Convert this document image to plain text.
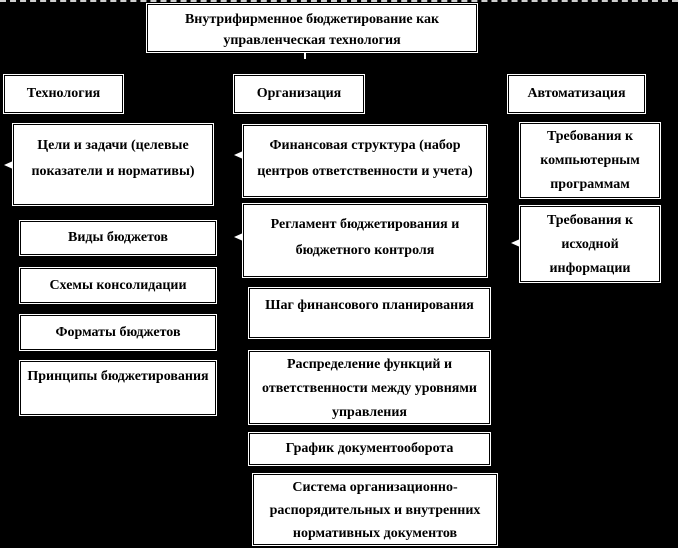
Внутрифирменное бюджетирование как управленческая технология
Технология	Организация	Автоматизация
Цели и задачи (целевые показатели и нормативы)
Виды бюджетов
Схемы консолидации
Форматы бюджетов
Принципы бюджетирования
Финансовая структура (набор центров ответственности и учета)
Регламент бюджетирования и бюджетного контроля
Шаг финансового планирования
Распределение функций и ответственности между уровнями управления
График документооборота
Система организационно-распорядительных и внутренних нормативных документов
Требования к компьютерным программам
Требования к исходной информации
